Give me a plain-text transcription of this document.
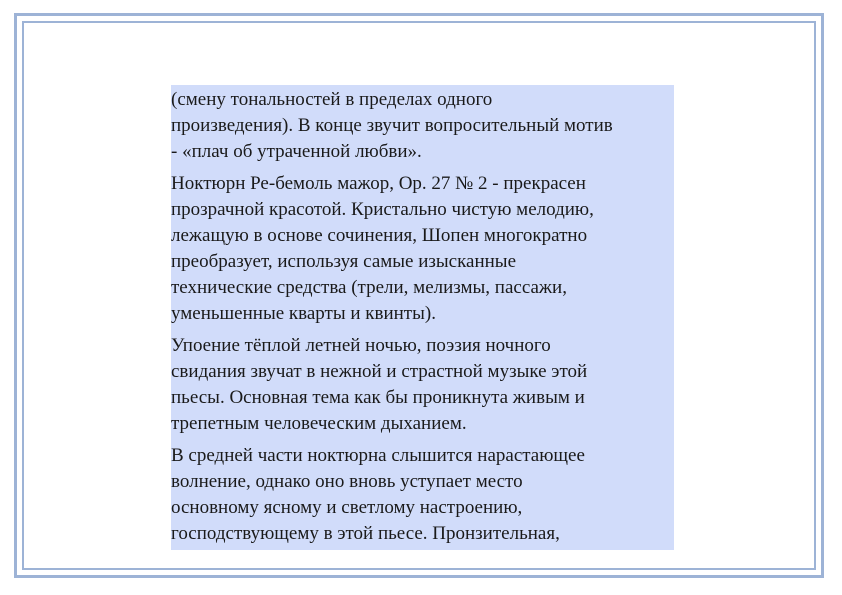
(смену тональностей в пределах одного
произведения). В конце звучит вопросительный мотив
- «плач об утраченной любви».

Ноктюрн Ре-бемоль мажор, Ор. 27 № 2 - прекрасен
прозрачной красотой. Кристально чистую мелодию,
лежащую в основе сочинения, Шопен многократно
преобразует, используя самые изысканные
технические средства (трели, мелизмы, пассажи,
уменьшенные кварты и квинты).

Упоение тёплой летней ночью, поэзия ночного
свидания звучат в нежной и страстной музыке этой
пьесы. Основная тема как бы проникнута живым и
трепетным человеческим дыханием.

В средней части ноктюрна слышится нарастающее
волнение, однако оно вновь уступает место
основному ясному и светлому настроению,
господствующему в этой пьесе. Пронзительная,
